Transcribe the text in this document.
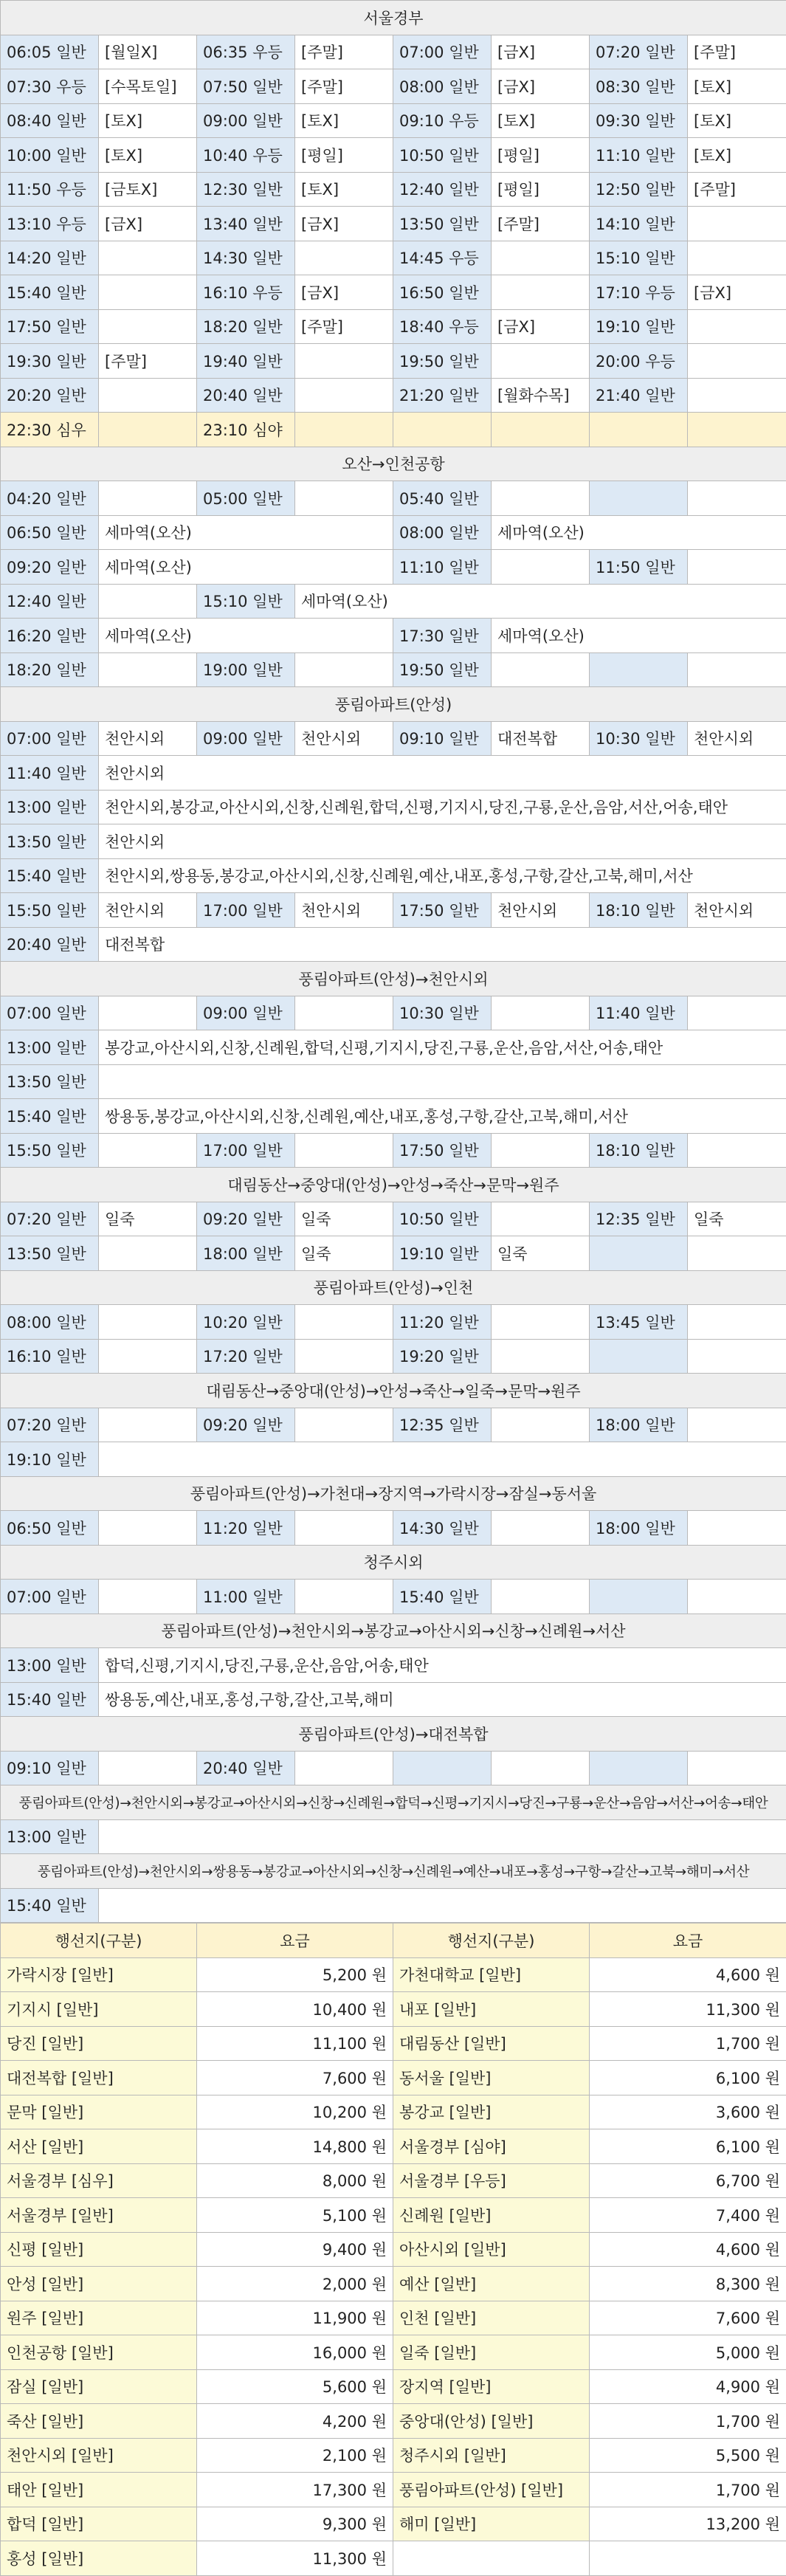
서울경부							
06:05 일반	[월일X]	06:35 우등	[주말]	07:00 일반	[금X]	07:20 일반	[주말]
07:30 우등	[수목토일]	07:50 일반	[주말]	08:00 일반	[금X]	08:30 일반	[토X]
08:40 일반	[토X]	09:00 일반	[토X]	09:10 우등	[토X]	09:30 일반	[토X]
10:00 일반	[토X]	10:40 우등	[평일]	10:50 일반	[평일]	11:10 일반	[토X]
11:50 우등	[금토X]	12:30 일반	[토X]	12:40 일반	[평일]	12:50 일반	[주말]
13:10 우등	[금X]	13:40 일반	[금X]	13:50 일반	[주말]	14:10 일반	
14:20 일반		14:30 일반		14:45 우등		15:10 일반	
15:40 일반		16:10 우등	[금X]	16:50 일반		17:10 우등	[금X]
17:50 일반		18:20 일반	[주말]	18:40 우등	[금X]	19:10 일반	
19:30 일반	[주말]	19:40 일반		19:50 일반		20:00 우등	
20:20 일반		20:40 일반		21:20 일반	[월화수목]	21:40 일반	
22:30 심우		23:10 심야					
오산→인천공항							
04:20 일반		05:00 일반		05:40 일반			
06:50 일반	세마역(오산)			08:00 일반	세마역(오산)		
09:20 일반	세마역(오산)			11:10 일반		11:50 일반	
12:40 일반		15:10 일반	세마역(오산)				
16:20 일반	세마역(오산)			17:30 일반	세마역(오산)		
18:20 일반		19:00 일반		19:50 일반			
풍림아파트(안성)							
07:00 일반	천안시외	09:00 일반	천안시외	09:10 일반	대전복합	10:30 일반	천안시외
11:40 일반	천안시외						
13:00 일반	천안시외,봉강교,아산시외,신창,신례원,합덕,신평,기지시,당진,구룡,운산,음암,서산,어송,태안						
13:50 일반	천안시외						
15:40 일반	천안시외,쌍용동,봉강교,아산시외,신창,신례원,예산,내포,홍성,구항,갈산,고북,해미,서산						
15:50 일반	천안시외	17:00 일반	천안시외	17:50 일반	천안시외	18:10 일반	천안시외
20:40 일반	대전복합						
풍림아파트(안성)→천안시외							
07:00 일반		09:00 일반		10:30 일반		11:40 일반	
13:00 일반	봉강교,아산시외,신창,신례원,합덕,신평,기지시,당진,구룡,운산,음암,서산,어송,태안						
13:50 일반							
15:40 일반	쌍용동,봉강교,아산시외,신창,신례원,예산,내포,홍성,구항,갈산,고북,해미,서산						
15:50 일반		17:00 일반		17:50 일반		18:10 일반	
대림동산→중앙대(안성)→안성→죽산→문막→원주							
07:20 일반	일죽	09:20 일반	일죽	10:50 일반		12:35 일반	일죽
13:50 일반		18:00 일반	일죽	19:10 일반	일죽		
풍림아파트(안성)→인천							
08:00 일반		10:20 일반		11:20 일반		13:45 일반	
16:10 일반		17:20 일반		19:20 일반			
대림동산→중앙대(안성)→안성→죽산→일죽→문막→원주							
07:20 일반		09:20 일반		12:35 일반		18:00 일반	
19:10 일반							
풍림아파트(안성)→가천대→장지역→가락시장→잠실→동서울							
06:50 일반		11:20 일반		14:30 일반		18:00 일반	
청주시외							
07:00 일반		11:00 일반		15:40 일반			
풍림아파트(안성)→천안시외→봉강교→아산시외→신창→신례원→서산							
13:00 일반	합덕,신평,기지시,당진,구룡,운산,음암,어송,태안						
15:40 일반	쌍용동,예산,내포,홍성,구항,갈산,고북,해미						
풍림아파트(안성)→대전복합							
09:10 일반		20:40 일반					
풍림아파트(안성)→천안시외→봉강교→아산시외→신창→신례원→합덕→신평→기지시→당진→구룡→운산→음암→서산→어송→태안							
13:00 일반							
풍림아파트(안성)→천안시외→쌍용동→봉강교→아산시외→신창→신례원→예산→내포→홍성→구항→갈산→고북→해미→서산							
15:40 일반							
행선지(구분)	요금	행선지(구분)	요금
가락시장 [일반]	5,200 원	가천대학교 [일반]	4,600 원
기지시 [일반]	10,400 원	내포 [일반]	11,300 원
당진 [일반]	11,100 원	대림동산 [일반]	1,700 원
대전복합 [일반]	7,600 원	동서울 [일반]	6,100 원
문막 [일반]	10,200 원	봉강교 [일반]	3,600 원
서산 [일반]	14,800 원	서울경부 [심야]	6,100 원
서울경부 [심우]	8,000 원	서울경부 [우등]	6,700 원
서울경부 [일반]	5,100 원	신례원 [일반]	7,400 원
신평 [일반]	9,400 원	아산시외 [일반]	4,600 원
안성 [일반]	2,000 원	예산 [일반]	8,300 원
원주 [일반]	11,900 원	인천 [일반]	7,600 원
인천공항 [일반]	16,000 원	일죽 [일반]	5,000 원
잠실 [일반]	5,600 원	장지역 [일반]	4,900 원
죽산 [일반]	4,200 원	중앙대(안성) [일반]	1,700 원
천안시외 [일반]	2,100 원	청주시외 [일반]	5,500 원
태안 [일반]	17,300 원	풍림아파트(안성) [일반]	1,700 원
합덕 [일반]	9,300 원	해미 [일반]	13,200 원
홍성 [일반]	11,300 원		
